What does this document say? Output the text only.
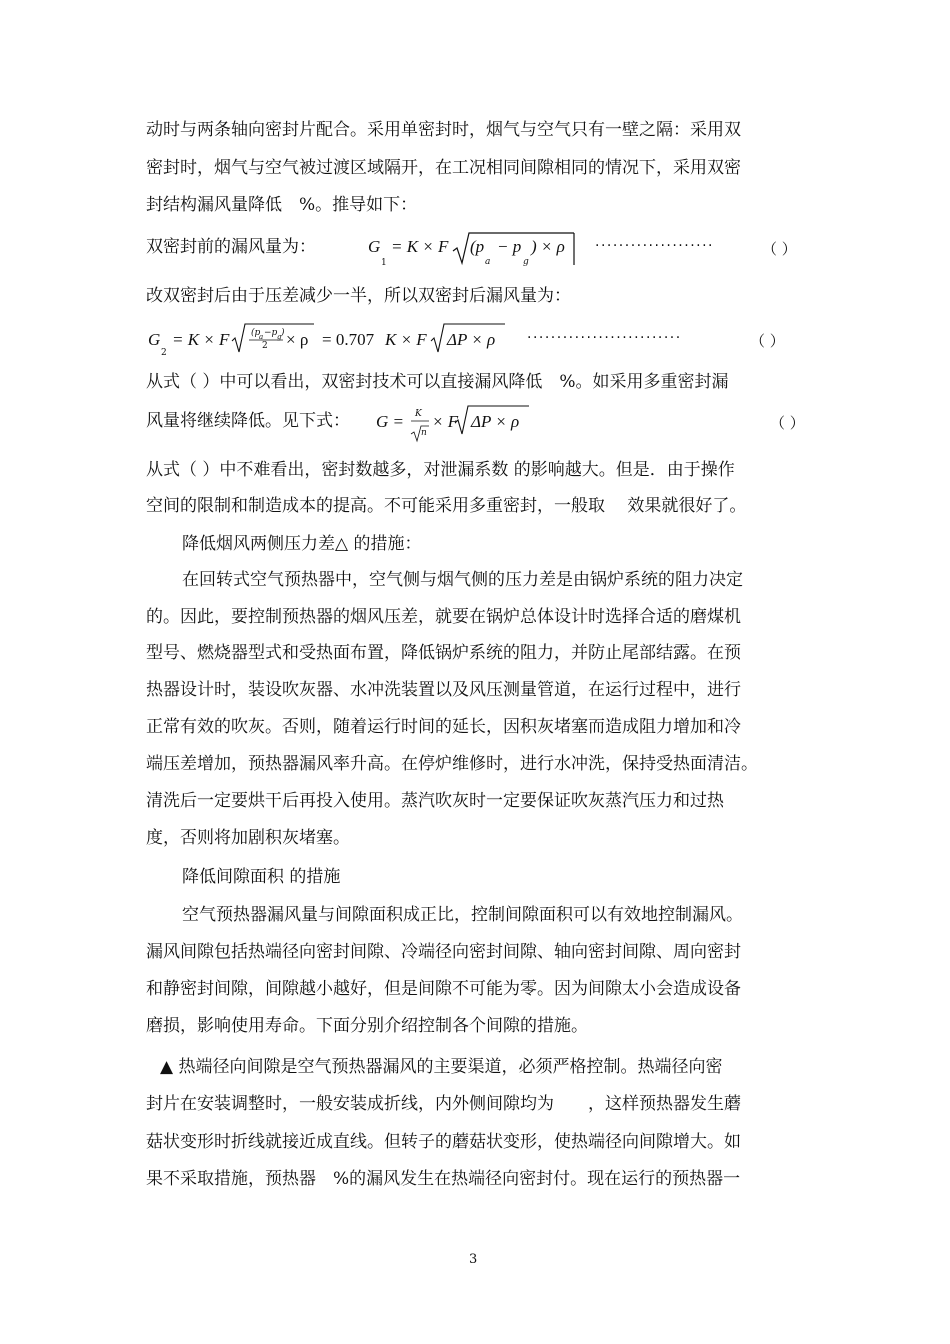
动时与两条轴向密封片配合。采用单密封时，烟气与空气只有一壁之隔：采用双
密封时，烟气与空气被过渡区域隔开，在工况相同间隙相同的情况下，采用双密
封结构漏风量降低　%。推导如下：
双密封前的漏风量为：
改双密封后由于压差减少一半，所以双密封后漏风量为：
从式（ ）中可以看出，双密封技术可以直接漏风降低　%。如采用多重密封漏
风量将继续降低。见下式：
从式（ ）中不难看出，密封数越多，对泄漏系数 的影响越大。但是．由于操作
空间的限制和制造成本的提高。不可能采用多重密封，一般取　 效果就很好了。
降低烟风两侧压力差△ 的措施：
在回转式空气预热器中，空气侧与烟气侧的压力差是由锅炉系统的阻力决定
的。因此，要控制预热器的烟风压差，就要在锅炉总体设计时选择合适的磨煤机
型号、燃烧器型式和受热面布置，降低锅炉系统的阻力，并防止尾部结露。在预
热器设计时，装设吹灰器、水冲洗装置以及风压测量管道，在运行过程中，进行
正常有效的吹灰。否则，随着运行时间的延长，因积灰堵塞而造成阻力增加和冷
端压差增加，预热器漏风率升高。在停炉维修时，进行水冲洗，保持受热面清洁。
清洗后一定要烘干后再投入使用。蒸汽吹灰时一定要保证吹灰蒸汽压力和过热
度，否则将加剧积灰堵塞。
降低间隙面积 的措施
空气预热器漏风量与间隙面积成正比，控制间隙面积可以有效地控制漏风。
漏风间隙包括热端径向密封间隙、冷端径向密封间隙、轴向密封间隙、周向密封
和静密封间隙，间隙越小越好，但是间隙不可能为零。因为间隙太小会造成设备
磨损，影响使用寿命。下面分别介绍控制各个间隙的措施。
▲ 热端径向间隙是空气预热器漏风的主要渠道，必须严格控制。热端径向密
封片在安装调整时，一般安装成折线，内外侧间隙均为　　，这样预热器发生蘑
菇状变形时折线就接近成直线。但转子的蘑菇状变形，使热端径向间隙增大。如
果不采取措施，预热器　%的漏风发生在热端径向密封付。现在运行的预热器一
G
1
= K × F (p
a
− p
g
) × ρ ····················	（ ）
G
2
= K × F (p
a −p g )
2 × ρ = 0.707 K × F ΔP × ρ ··························	（ ）
G = K
n
× F ΔP × ρ	（ ）
3
